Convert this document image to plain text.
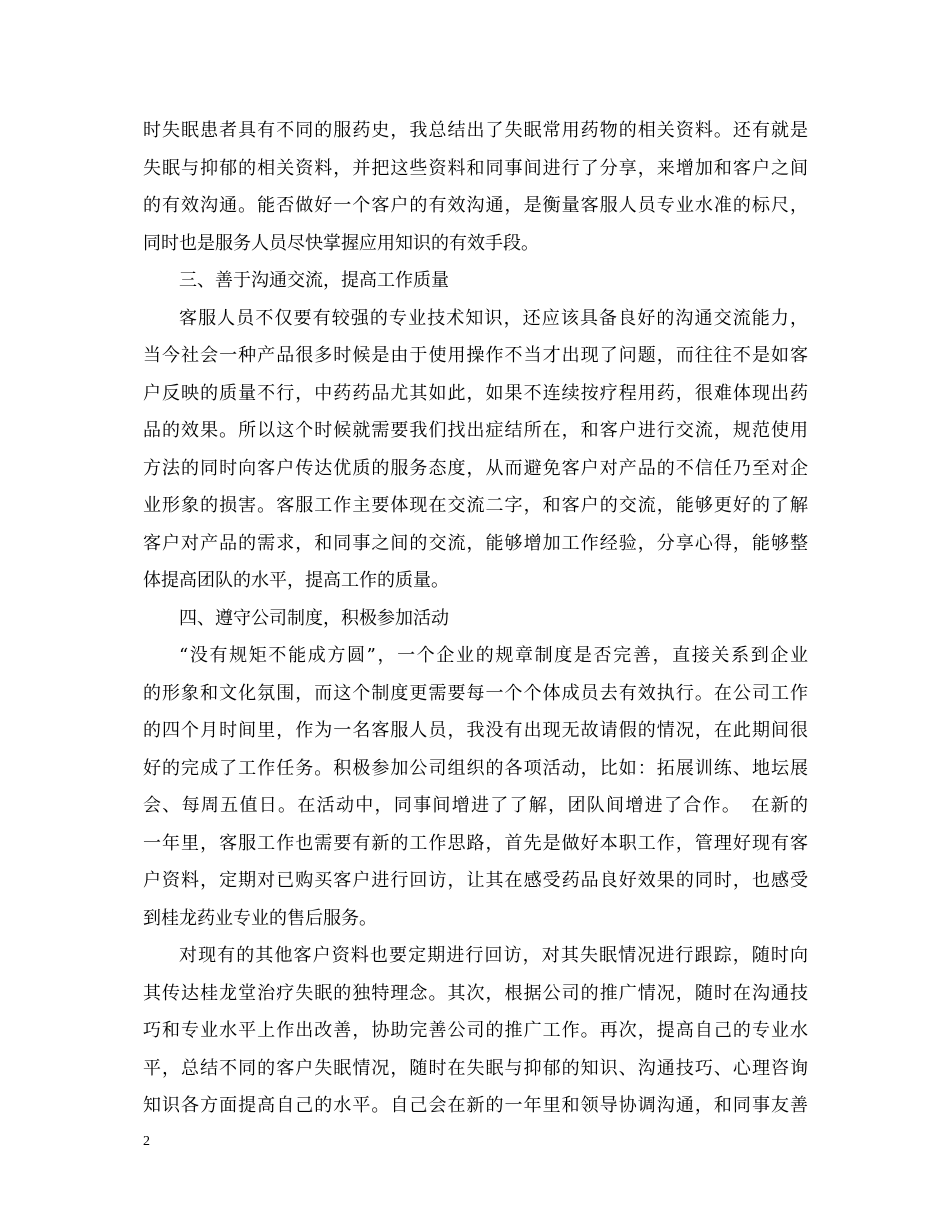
时失眠患者具有不同的服药史，我总结出了失眠常用药物的相关资料。还有就是
失眠与抑郁的相关资料，并把这些资料和同事间进行了分享，来增加和客户之间
的有效沟通。能否做好一个客户的有效沟通，是衡量客服人员专业水准的标尺，
同时也是服务人员尽快掌握应用知识的有效手段。
三、善于沟通交流，提高工作质量
客服人员不仅要有较强的专业技术知识，还应该具备良好的沟通交流能力，
当今社会一种产品很多时候是由于使用操作不当才出现了问题，而往往不是如客
户反映的质量不行，中药药品尤其如此，如果不连续按疗程用药，很难体现出药
品的效果。所以这个时候就需要我们找出症结所在，和客户进行交流，规范使用
方法的同时向客户传达优质的服务态度，从而避免客户对产品的不信任乃至对企
业形象的损害。客服工作主要体现在交流二字，和客户的交流，能够更好的了解
客户对产品的需求，和同事之间的交流，能够增加工作经验，分享心得，能够整
体提高团队的水平，提高工作的质量。
四、遵守公司制度，积极参加活动
“没有规矩不能成方圆”，一个企业的规章制度是否完善，直接关系到企业
的形象和文化氛围，而这个制度更需要每一个个体成员去有效执行。在公司工作
的四个月时间里，作为一名客服人员，我没有出现无故请假的情况，在此期间很
好的完成了工作任务。积极参加公司组织的各项活动，比如：拓展训练、地坛展
会、每周五值日。在活动中，同事间增进了了解，团队间增进了合作。　在新的
一年里，客服工作也需要有新的工作思路，首先是做好本职工作，管理好现有客
户资料，定期对已购买客户进行回访，让其在感受药品良好效果的同时，也感受
到桂龙药业专业的售后服务。
对现有的其他客户资料也要定期进行回访，对其失眠情况进行跟踪，随时向
其传达桂龙堂治疗失眠的独特理念。其次，根据公司的推广情况，随时在沟通技
巧和专业水平上作出改善，协助完善公司的推广工作。再次，提高自己的专业水
平，总结不同的客户失眠情况，随时在失眠与抑郁的知识、沟通技巧、心理咨询
知识各方面提高自己的水平。自己会在新的一年里和领导协调沟通，和同事友善
2
